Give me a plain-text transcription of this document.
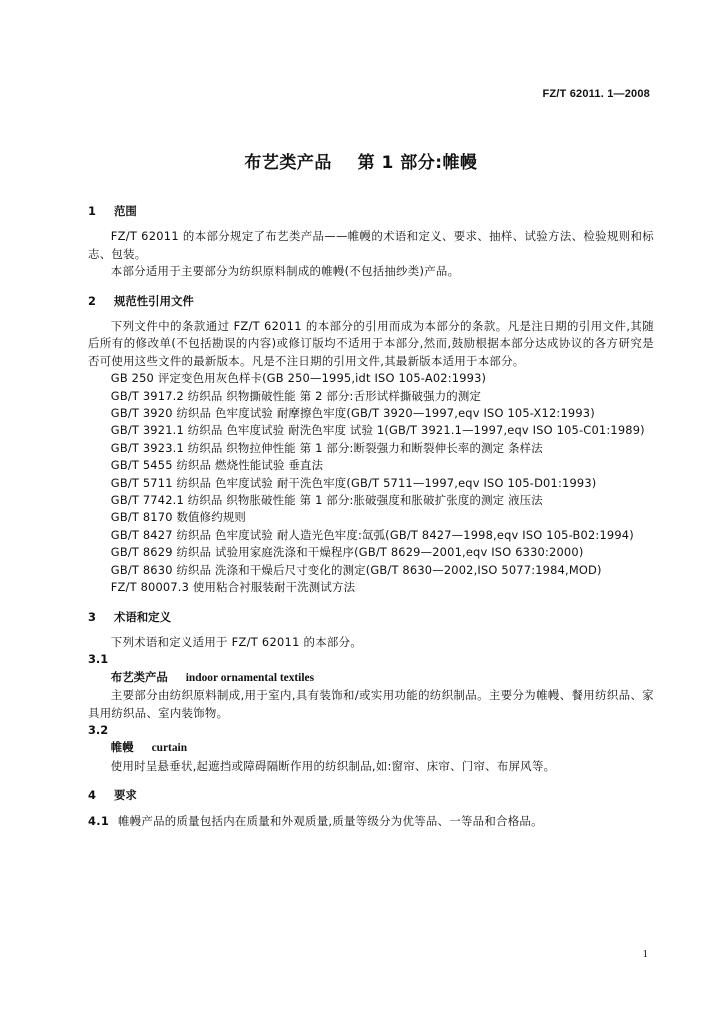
FZ/T 62011. 1—2008
布艺类产品    第 1 部分:帷幔
1 范围

FZ/T 62011 的本部分规定了布艺类产品——帷幔的术语和定义、要求、抽样、试验方法、检验规则和标志、包装。

本部分适用于主要部分为纺织原料制成的帷幔(不包括抽纱类)产品。

2 规范性引用文件

下列文件中的条款通过 FZ/T 62011 的本部分的引用而成为本部分的条款。凡是注日期的引用文件,其随后所有的修改单(不包括勘误的内容)或修订版均不适用于本部分,然而,鼓励根据本部分达成协议的各方研究是否可使用这些文件的最新版本。凡是不注日期的引用文件,其最新版本适用于本部分。

GB 250 评定变色用灰色样卡(GB 250—1995,idt ISO 105-A02:1993)

GB/T 3917.2 纺织品 织物撕破性能 第 2 部分:舌形试样撕破强力的测定

GB/T 3920 纺织品 色牢度试验 耐摩擦色牢度(GB/T 3920—1997,eqv ISO 105-X12:1993)

GB/T 3921.1 纺织品 色牢度试验 耐洗色牢度 试验 1(GB/T 3921.1—1997,eqv ISO 105-C01:1989)

GB/T 3923.1 纺织品 织物拉伸性能 第 1 部分:断裂强力和断裂伸长率的测定 条样法

GB/T 5455 纺织品 燃烧性能试验 垂直法

GB/T 5711 纺织品 色牢度试验 耐干洗色牢度(GB/T 5711—1997,eqv ISO 105-D01:1993)

GB/T 7742.1 纺织品 织物胀破性能 第 1 部分:胀破强度和胀破扩张度的测定 液压法

GB/T 8170 数值修约规则

GB/T 8427 纺织品 色牢度试验 耐人造光色牢度:氙弧(GB/T 8427—1998,eqv ISO 105-B02:1994)

GB/T 8629 纺织品 试验用家庭洗涤和干燥程序(GB/T 8629—2001,eqv ISO 6330:2000)

GB/T 8630 纺织品 洗涤和干燥后尺寸变化的测定(GB/T 8630—2002,ISO 5077:1984,MOD)

FZ/T 80007.3 使用粘合衬服装耐干洗测试方法

3 术语和定义

下列术语和定义适用于 FZ/T 62011 的本部分。

3.1

布艺类产品 indoor ornamental textiles

主要部分由纺织原料制成,用于室内,具有装饰和/或实用功能的纺织制品。主要分为帷幔、餐用纺织品、家具用纺织品、室内装饰物。

3.2

帷幔 curtain

使用时呈悬垂状,起遮挡或障碍隔断作用的纺织制品,如:窗帘、床帘、门帘、布屏风等。

4 要求

4.1 帷幔产品的质量包括内在质量和外观质量,质量等级分为优等品、一等品和合格品。

1
